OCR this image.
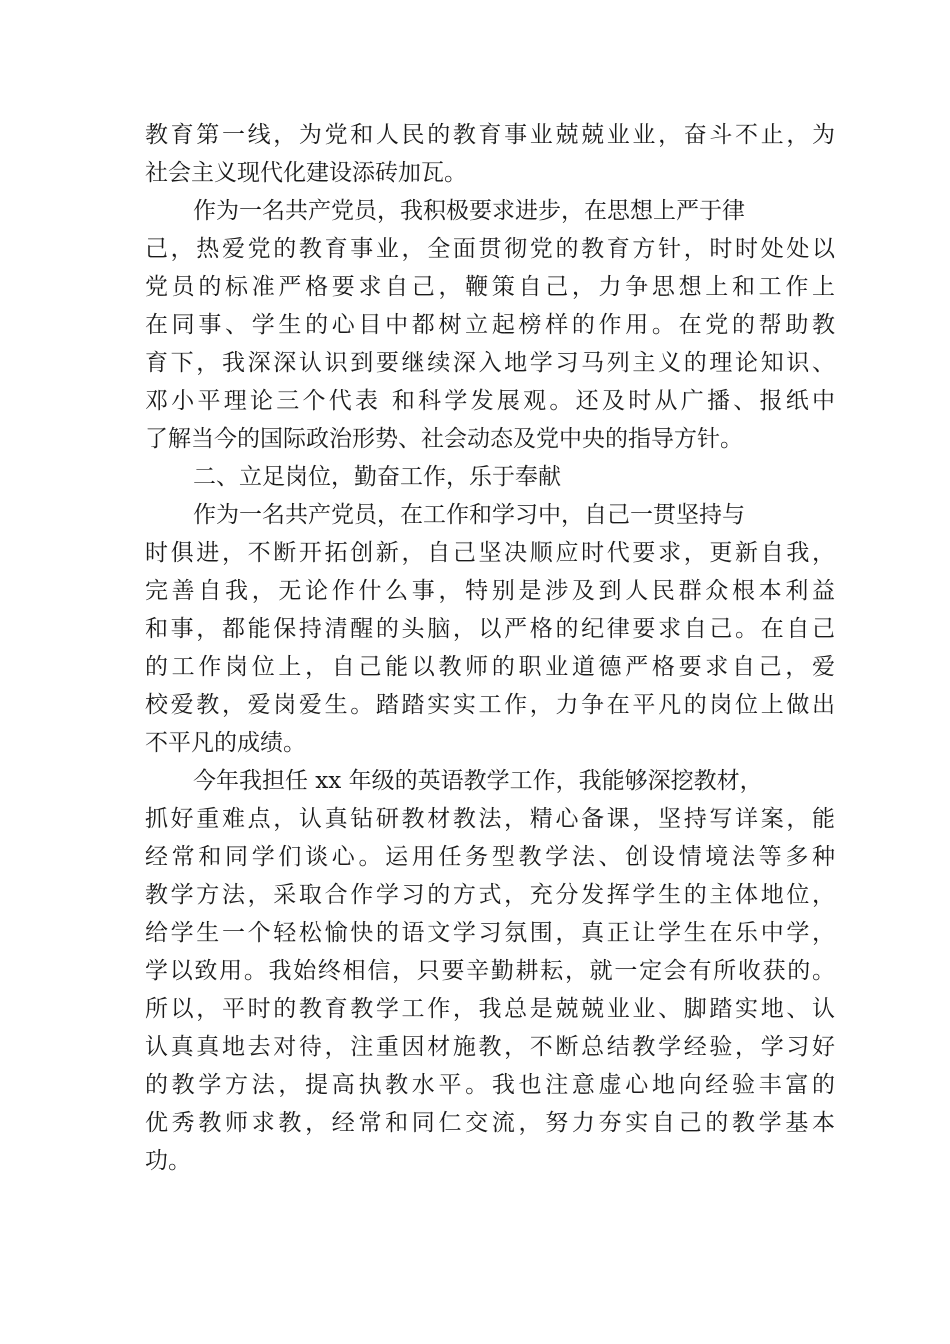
教育第一线，为党和人民的教育事业兢兢业业，奋斗不止，为
社会主义现代化建设添砖加瓦。
作为一名共产党员，我积极要求进步，在思想上严于律
己，热爱党的教育事业，全面贯彻党的教育方针，时时处处以
党员的标准严格要求自己，鞭策自己，力争思想上和工作上
在同事、学生的心目中都树立起榜样的作用。在党的帮助教
育下，我深深认识到要继续深入地学习马列主义的理论知识、
邓小平理论三个代表 和科学发展观。还及时从广播、报纸中
了解当今的国际政治形势、社会动态及党中央的指导方针。
二、立足岗位，勤奋工作，乐于奉献
作为一名共产党员，在工作和学习中，自己一贯坚持与
时俱进，不断开拓创新，自己坚决顺应时代要求，更新自我，
完善自我，无论作什么事，特别是涉及到人民群众根本利益
和事，都能保持清醒的头脑，以严格的纪律要求自己。在自己
的工作岗位上，自己能以教师的职业道德严格要求自己，爱
校爱教，爱岗爱生。踏踏实实工作，力争在平凡的岗位上做出
不平凡的成绩。
今年我担任 xx 年级的英语教学工作，我能够深挖教材，
抓好重难点，认真钻研教材教法，精心备课，坚持写详案，能
经常和同学们谈心。运用任务型教学法、创设情境法等多种
教学方法，采取合作学习的方式，充分发挥学生的主体地位，
给学生一个轻松愉快的语文学习氛围，真正让学生在乐中学，
学以致用。我始终相信，只要辛勤耕耘，就一定会有所收获的。
所以，平时的教育教学工作，我总是兢兢业业、脚踏实地、认
认真真地去对待，注重因材施教，不断总结教学经验，学习好
的教学方法，提高执教水平。我也注意虚心地向经验丰富的
优秀教师求教，经常和同仁交流，努力夯实自己的教学基本
功。
